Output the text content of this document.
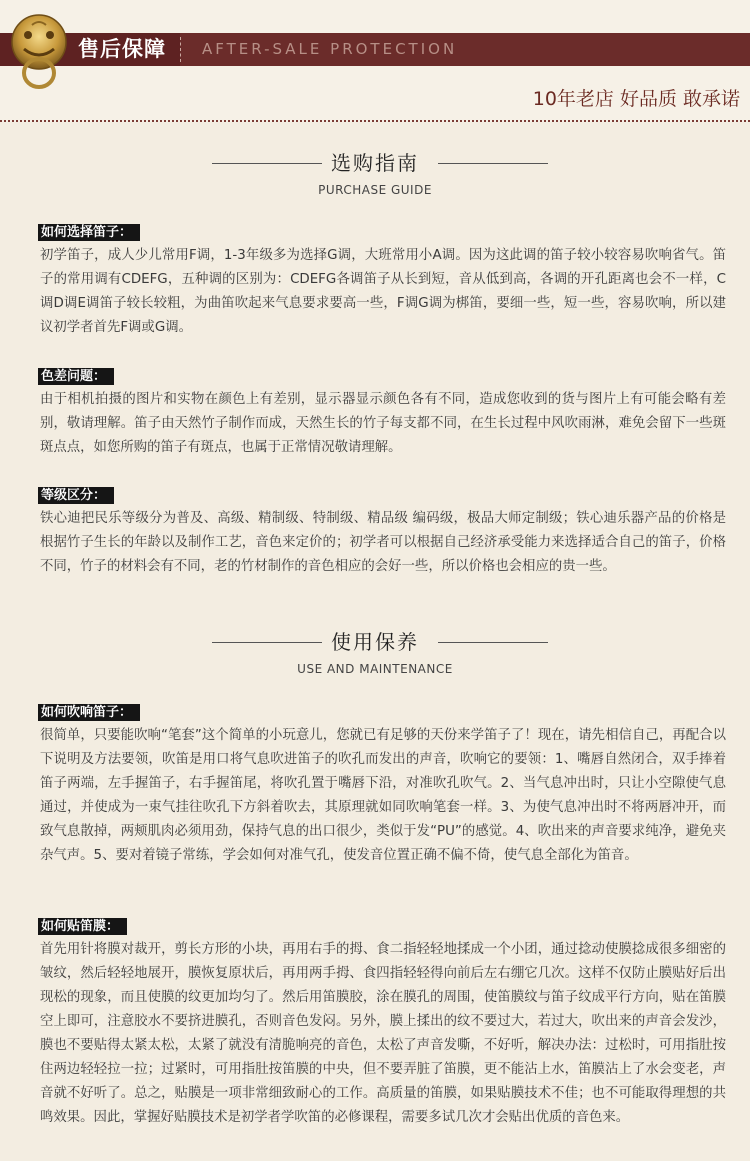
售后保障 AFTER-SALE PROTECTION
10年老店 好品质 敢承诺
选购指南
PURCHASE GUIDE
如何选择笛子：

初学笛子，成人少儿常用F调，1-3年级多为选择G调，大班常用小A调。因为这此调的笛子较小较容易吹响省气。笛子的常用调有CDEFG，五种调的区别为：CDEFG各调笛子从长到短，音从低到高，各调的开孔距离也会不一样，C调D调E调笛子较长较粗，为曲笛吹起来气息要求要高一些，F调G调为梆笛，要细一些，短一些，容易吹响，所以建议初学者首先F调或G调。

色差问题：

由于相机拍摄的图片和实物在颜色上有差别，显示器显示颜色各有不同，造成您收到的货与图片上有可能会略有差别，敬请理解。笛子由天然竹子制作而成，天然生长的竹子每支都不同，在生长过程中风吹雨淋，难免会留下一些斑斑点点，如您所购的笛子有斑点，也属于正常情况敬请理解。

等级区分：

铁心迪把民乐等级分为普及、高级、精制级、特制级、精品级 编码级，极品大师定制级；铁心迪乐器产品的价格是根据竹子生长的年龄以及制作工艺，音色来定价的；初学者可以根据自己经济承受能力来选择适合自己的笛子，价格不同，竹子的材料会有不同，老的竹材制作的音色相应的会好一些，所以价格也会相应的贵一些。

使用保养
USE AND MAINTENANCE
如何吹响笛子：

很简单，只要能吹响“笔套”这个简单的小玩意儿，您就已有足够的天份来学笛子了！现在，请先相信自己，再配合以下说明及方法要领，吹笛是用口将气息吹进笛子的吹孔而发出的声音，吹响它的要领：1、嘴唇自然闭合，双手捧着笛子两端，左手握笛子，右手握笛尾，将吹孔置于嘴唇下沿，对准吹孔吹气。2、当气息冲出时，只让小空隙使气息通过，并使成为一束气挂往吹孔下方斜着吹去，其原理就如同吹响笔套一样。3、为使气息冲出时不将两唇冲开，而致气息散掉，两颊肌肉必须用劲，保持气息的出口很少，类似于发“PU”的感觉。4、吹出来的声音要求纯净，避免夹杂气声。5、要对着镜子常练，学会如何对准气孔，使发音位置正确不偏不倚，使气息全部化为笛音。

如何贴笛膜：

首先用针将膜对裁开，剪长方形的小块，再用右手的拇、食二指轻轻地揉成一个小团，通过捻动使膜捻成很多细密的皱纹，然后轻轻地展开，膜恢复原状后，再用两手拇、食四指轻轻得向前后左右绷它几次。这样不仅防止膜贴好后出现松的现象，而且使膜的纹更加均匀了。然后用笛膜胶，涂在膜孔的周围，使笛膜纹与笛子纹成平行方向，贴在笛膜空上即可，注意胶水不要挤进膜孔，否则音色发闷。另外，膜上揉出的纹不要过大，若过大，吹出来的声音会发沙，膜也不要贴得太紧太松，太紧了就没有清脆响亮的音色，太松了声音发嘶，不好听，解决办法：过松时，可用指肚按住两边轻轻拉一拉；过紧时，可用指肚按笛膜的中央，但不要弄脏了笛膜，更不能沾上水，笛膜沾上了水会变老，声音就不好听了。总之，贴膜是一项非常细致耐心的工作。高质量的笛膜，如果贴膜技术不佳；也不可能取得理想的共鸣效果。因此，掌握好贴膜技术是初学者学吹笛的必修课程，需要多试几次才会贴出优质的音色来。
